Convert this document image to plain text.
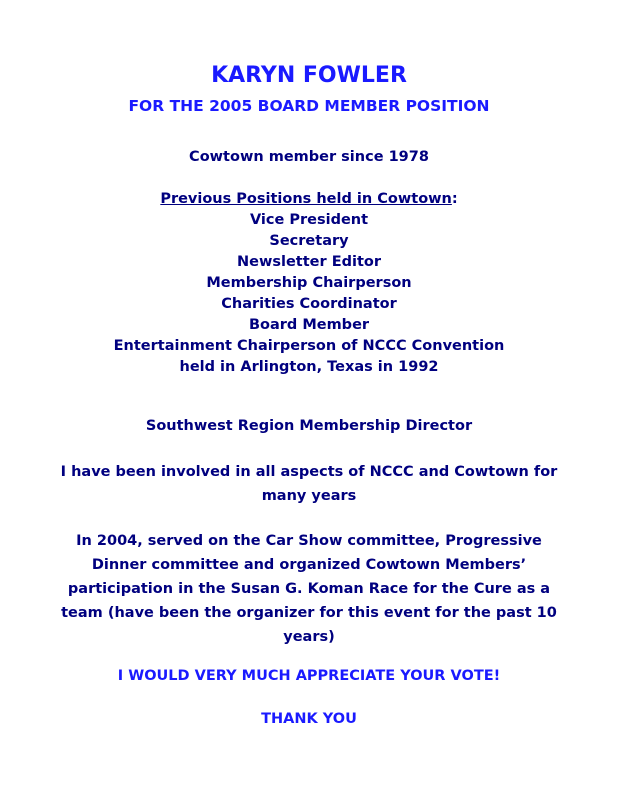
KARYN FOWLER
FOR THE 2005 BOARD MEMBER POSITION
Cowtown member since 1978
Previous Positions held in Cowtown:
Vice President
Secretary
Newsletter Editor
Membership Chairperson
Charities Coordinator
Board Member
Entertainment Chairperson of NCCC Convention
held in Arlington, Texas in 1992
Southwest Region Membership Director
I have been involved in all aspects of NCCC and Cowtown for
many years
In 2004, served on the Car Show committee, Progressive
Dinner committee and organized Cowtown Members’
participation in the Susan G. Koman Race for the Cure as a
team (have been the organizer for this event for the past 10
years)
I WOULD VERY MUCH APPRECIATE YOUR VOTE!
THANK YOU
